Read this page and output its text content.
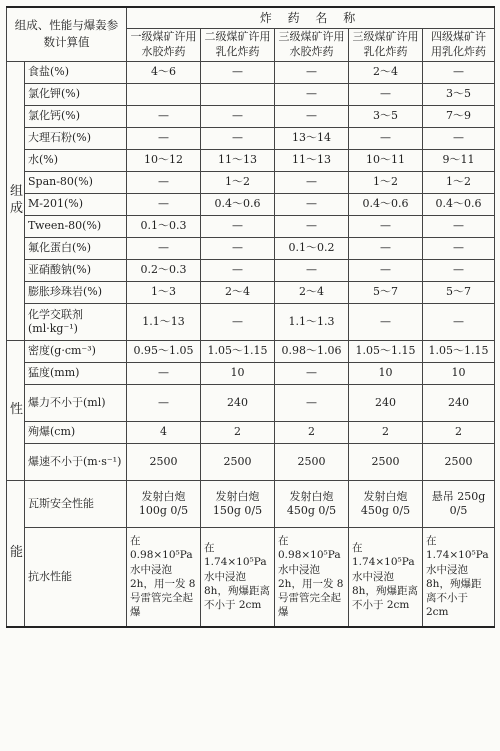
组成、性能与爆轰参数计算值		炸 药 名 称				
		一级煤矿许用水胶炸药	二级煤矿许用乳化炸药	三级煤矿许用水胶炸药	三级煤矿许用乳化炸药	四级煤矿许用乳化炸药
组成	食盐(%)	4～6	—	—	2～4	—
	氯化钾(%)			—	—	3～5
	氯化钙(%)	—	—	—	3～5	7～9
	大理石粉(%)	—	—	13～14	—	—
	水(%)	10～12	11～13	11～13	10～11	9～11
	Span-80(%)	—	1～2	—	1～2	1～2
	M-201(%)	—	0.4～0.6	—	0.4～0.6	0.4～0.6
	Tween-80(%)	0.1～0.3	—	—	—	—
	氟化蛋白(%)	—	—	0.1～0.2	—	—
	亚硝酸钠(%)	0.2～0.3	—	—	—	—
	膨胀珍珠岩(%)	1～3	2～4	2～4	5～7	5～7
	化学交联剂(ml·kg⁻¹)	1.1～13	—	1.1～1.3	—	—
性	密度(g·cm⁻³)	0.95～1.05	1.05～1.15	0.98～1.06	1.05～1.15	1.05～1.15
	猛度(mm)	—	10	—	10	10
	爆力不小于(ml)	—	240	—	240	240
	殉爆(cm)	4	2	2	2	2
	爆速不小于(m·s⁻¹)	2500	2500	2500	2500	2500
能	瓦斯安全性能	发射白炮 100g 0/5	发射白炮 150g 0/5	发射白炮 450g 0/5	发射白炮 450g 0/5	悬吊 250g 0/5
	抗水性能	在 0.98×10⁵Pa 水中浸泡 2h，用一发 8 号雷管完全起爆	在 1.74×10⁵Pa 水中浸泡 8h，殉爆距离不小于 2cm	在 0.98×10⁵Pa 水中浸泡 2h，用一发 8 号雷管完全起爆	在 1.74×10⁵Pa 水中浸泡 8h，殉爆距离不小于 2cm	在 1.74×10⁵Pa 水中浸泡 8h，殉爆距离不小于 2cm
